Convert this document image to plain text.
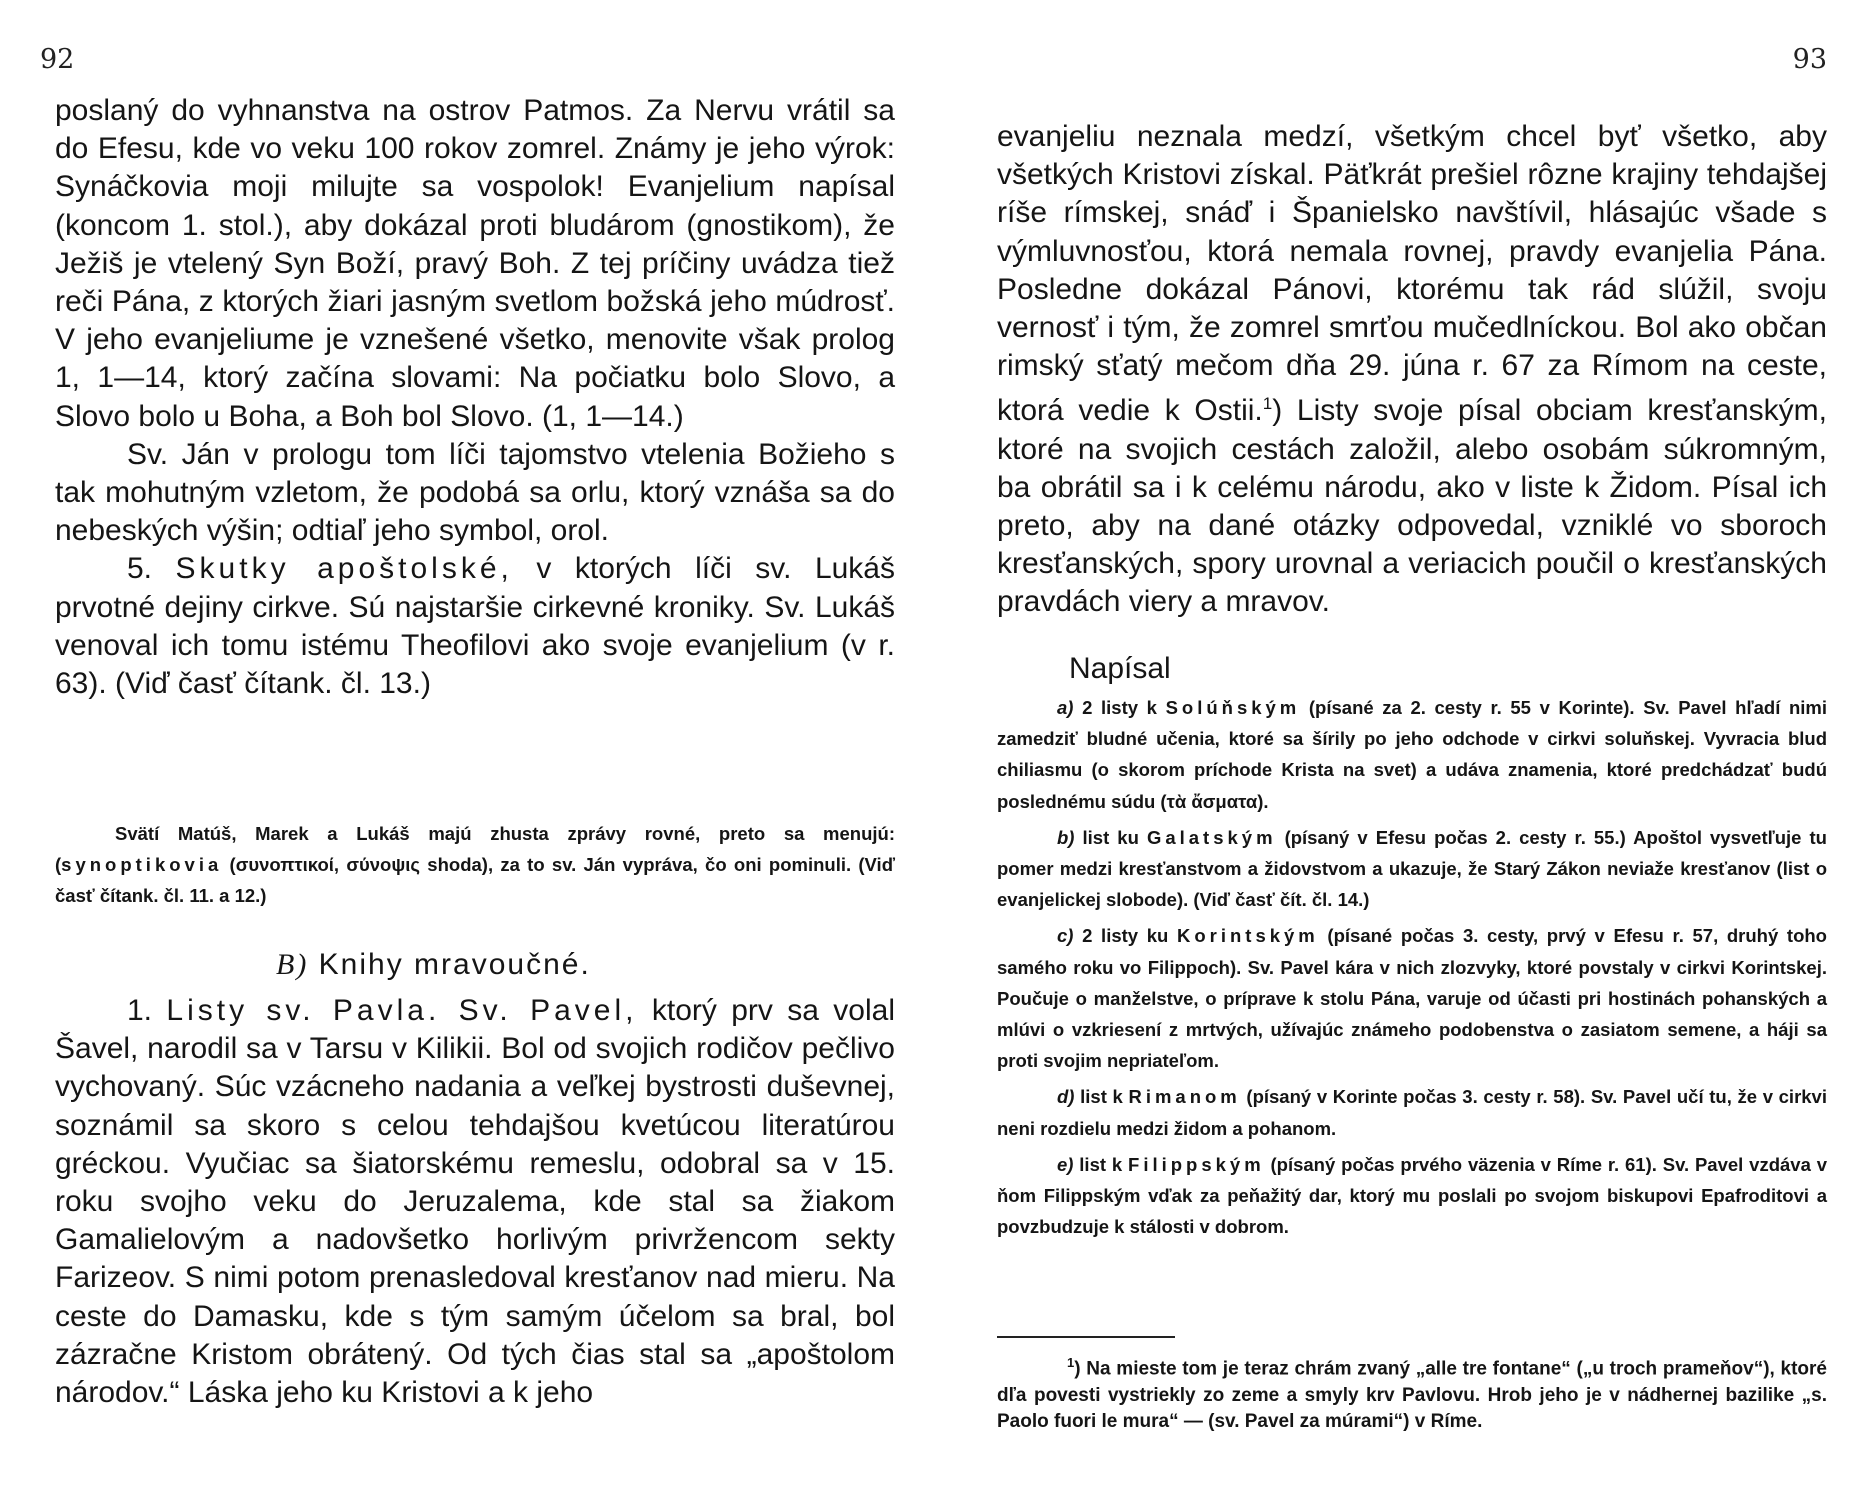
92

poslaný do vyhnanstva na ostrov Patmos. Za Nervu vrátil sa do Efesu, kde vo veku 100 rokov zomrel. Známy je jeho výrok: Synáčkovia moji milujte sa vospolok! Evanjelium napísal (koncom 1. stol.), aby dokázal proti bludárom (gnostikom), že Ježiš je vtelený Syn Boží, pravý Boh. Z tej príčiny uvádza tiež reči Pána, z ktorých žiari jasným svetlom božská jeho múdrosť. V jeho evanjeliume je vznešené všetko, menovite však prolog 1, 1—14, ktorý začína slovami: Na počiatku bolo Slovo, a Slovo bolo u Boha, a Boh bol Slovo. (1, 1—14.)

Sv. Ján v prologu tom líči tajomstvo vtelenia Božieho s tak mohutným vzletom, že podobá sa orlu, ktorý vznáša sa do nebeských výšin; odtiaľ jeho symbol, orol.

5. Skutky apoštolské, v ktorých líči sv. Lukáš prvotné dejiny cirkve. Sú najstaršie cirkevné kroniky. Sv. Lukáš venoval ich tomu istému Theofilovi ako svoje evanjelium (v r. 63). (Viď časť čítank. čl. 13.)

Svätí Matúš, Marek a Lukáš majú zhusta zprávy rovné, preto sa menujú: (synoptikovia (συνοπτικοί, σύνοψις shoda), za to sv. Ján vypráva, čo oni pominuli. (Viď časť čítank. čl. 11. a 12.)

B) Knihy mravoučné.

1. Listy sv. Pavla. Sv. Pavel, ktorý prv sa volal Šavel, narodil sa v Tarsu v Kilikii. Bol od svojich rodičov pečlivo vychovaný. Súc vzácneho nadania a veľkej bystrosti duševnej, soznámil sa skoro s celou tehdajšou kvetúcou literatúrou gréckou. Vyučiac sa šiatorskému remeslu, odobral sa v 15. roku svojho veku do Jeruzalema, kde stal sa žiakom Gamalielovým a nadovšetko horlivým privržencom sekty Farizeov. S nimi potom prenasledoval kresťanov nad mieru. Na ceste do Damasku, kde s tým samým účelom sa bral, bol zázračne Kristom obrátený. Od tých čias stal sa „apoštolom národov.“ Láska jeho ku Kristovi a k jeho

93

evanjeliu neznala medzí, všetkým chcel byť všetko, aby všetkých Kristovi získal. Päťkrát prešiel rôzne krajiny tehdajšej ríše rímskej, snáď i Španielsko navštívil, hlásajúc všade s výmluvnosťou, ktorá nemala rovnej, pravdy evanjelia Pána. Posledne dokázal Pánovi, ktorému tak rád slúžil, svoju vernosť i tým, že zomrel smrťou mučedlníckou. Bol ako občan rimský sťatý mečom dňa 29. júna r. 67 za Rímom na ceste, ktorá vedie k Ostii.$^1$) Listy svoje písal obciam kresťanským, ktoré na svojich cestách založil, alebo osobám súkromným, ba obrátil sa i k celému národu, ako v liste k Židom. Písal ich preto, aby na dané otázky odpovedal, vzniklé vo sboroch kresťanských, spory urovnal a veriacich poučil o kresťanských pravdách viery a mravov.

Napísal

a) 2 listy k Solúňským (písané za 2. cesty r. 55 v Korinte). Sv. Pavel hľadí nimi zamedziť bludné učenia, ktoré sa šírily po jeho odchode v cirkvi soluňskej. Vyvracia blud chiliasmu (o skorom príchode Krista na svet) a udáva znamenia, ktoré predchádzať budú poslednému súdu (τὰ ἄσματα).

b) list ku Galatským (písaný v Efesu počas 2. cesty r. 55.) Apoštol vysvetľuje tu pomer medzi kresťanstvom a židovstvom a ukazuje, že Starý Zákon neviaže kresťanov (list o evanjelickej slobode). (Viď časť čít. čl. 14.)

c) 2 listy ku Korintským (písané počas 3. cesty, prvý v Efesu r. 57, druhý toho samého roku vo Filippoch). Sv. Pavel kára v nich zlozvyky, ktoré povstaly v cirkvi Korintskej. Poučuje o manželstve, o príprave k stolu Pána, varuje od účasti pri hostinách pohanských a mlúvi o vzkriesení z mrtvých, užívajúc známeho podobenstva o zasiatom semene, a háji sa proti svojim nepriateľom.

d) list k Rimanom (písaný v Korinte počas 3. cesty r. 58). Sv. Pavel učí tu, že v cirkvi neni rozdielu medzi židom a pohanom.

e) list k Filippským (písaný počas prvého väzenia v Ríme r. 61). Sv. Pavel vzdáva v ňom Filippským vďak za peňažitý dar, ktorý mu poslali po svojom biskupovi Epafroditovi a povzbudzuje k stálosti v dobrom.

$^1$) Na mieste tom je teraz chrám zvaný „alle tre fontane“ („u troch prameňov“), ktoré dľa povesti vystriekly zo zeme a smyly krv Pavlovu. Hrob jeho je v nádhernej bazilike „s. Paolo fuori le mura“ — (sv. Pavel za múrami“) v Ríme.
